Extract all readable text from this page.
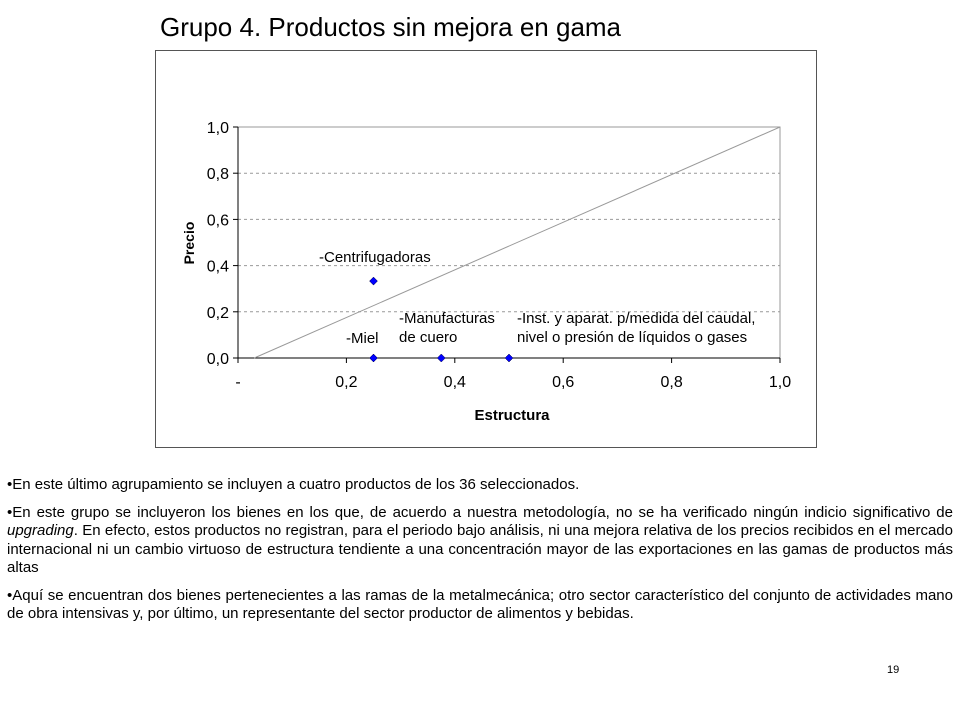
Grupo 4. Productos sin mejora en gama
0,0
0,2
0,4
0,6
0,8
1,0
-	0,2	0,4	0,6	0,8	1,0
-Centrifugadoras
-Miel
-Manufacturas de cuero
-Inst. y aparat. p/medida del caudal, nivel o presión de líquidos o gases
Estructura
Precio

•En este último agrupamiento se incluyen a cuatro productos de los 36 seleccionados.

•En este grupo se incluyeron los bienes en los que, de acuerdo a nuestra metodología, no se ha verificado ningún indicio significativo de upgrading. En efecto, estos productos no registran, para el periodo bajo análisis, ni una mejora relativa de los precios recibidos en el mercado internacional ni un cambio virtuoso de estructura tendiente a una concentración mayor de las exportaciones en las gamas de productos más altas

•Aquí se encuentran dos bienes pertenecientes a las ramas de la metalmecánica; otro sector característico del conjunto de actividades mano de obra intensivas y, por último, un representante del sector productor de alimentos y bebidas.

19
